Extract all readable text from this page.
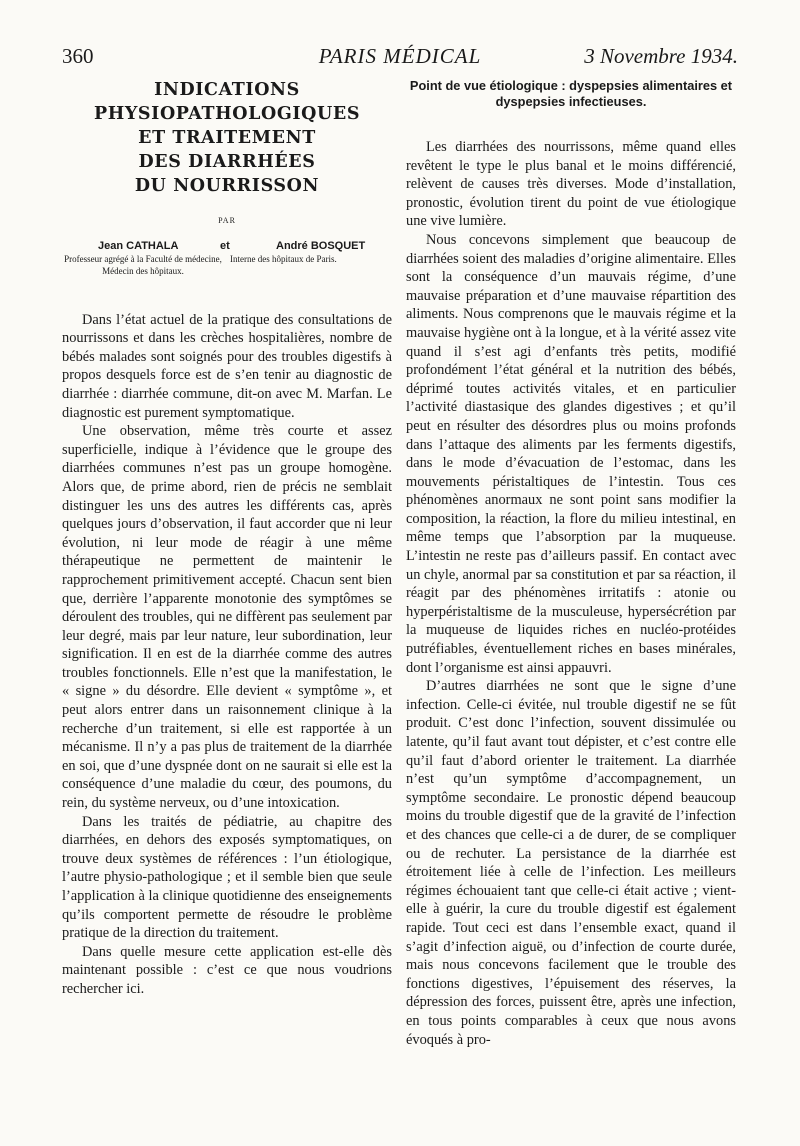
360	PARIS MÉDICAL	3 Novembre 1934.
INDICATIONS
PHYSIOPATHOLOGIQUES
ET TRAITEMENT
DES DIARRHÉES
DU NOURRISSON
PAR
Jean CATHALA	et	André BOSQUET
Professeur agrégé à la Faculté de médecine, Médecin des hôpitaux.
Interne des hôpitaux de Paris.

Dans l’état actuel de la pratique des consultations de nourrissons et dans les crèches hospitalières, nombre de bébés malades sont soignés pour des troubles digestifs à propos desquels force est de s’en tenir au diagnostic de diarrhée : diarrhée commune, dit-on avec M. Marfan. Le diagnostic est purement symptomatique.

Une observation, même très courte et assez superficielle, indique à l’évidence que le groupe des diarrhées communes n’est pas un groupe homogène. Alors que, de prime abord, rien de précis ne semblait distinguer les uns des autres les différents cas, après quelques jours d’observation, il faut accorder que ni leur évolution, ni leur mode de réagir à une même thérapeutique ne permettent de maintenir le rapprochement primitivement accepté. Chacun sent bien que, derrière l’apparente monotonie des symptômes se déroulent des troubles, qui ne diffèrent pas seulement par leur degré, mais par leur nature, leur subordination, leur signification. Il en est de la diarrhée comme des autres troubles fonctionnels. Elle n’est que la manifestation, le « signe » du désordre. Elle devient « symptôme », et peut alors entrer dans un raisonnement clinique à la recherche d’un traitement, si elle est rapportée à un mécanisme. Il n’y a pas plus de traitement de la diarrhée en soi, que d’une dyspnée dont on ne saurait si elle est la conséquence d’une maladie du cœur, des poumons, du rein, du système nerveux, ou d’une intoxication.

Dans les traités de pédiatrie, au chapitre des diarrhées, en dehors des exposés symptomatiques, on trouve deux systèmes de références : l’un étiologique, l’autre physio-pathologique ; et il semble bien que seule l’application à la clinique quotidienne des enseignements qu’ils comportent permette de résoudre le problème pratique de la direction du traitement.

Dans quelle mesure cette application est-elle dès maintenant possible : c’est ce que nous voudrions rechercher ici.

Point de vue étiologique : dyspepsies alimentaires et dyspepsies infectieuses.

Les diarrhées des nourrissons, même quand elles revêtent le type le plus banal et le moins différencié, relèvent de causes très diverses. Mode d’installation, pronostic, évolution tirent du point de vue étiologique une vive lumière.

Nous concevons simplement que beaucoup de diarrhées soient des maladies d’origine alimentaire. Elles sont la conséquence d’un mauvais régime, d’une mauvaise préparation et d’une mauvaise répartition des aliments. Nous comprenons que le mauvais régime et la mauvaise hygiène ont à la longue, et à la vérité assez vite quand il s’est agi d’enfants très petits, modifié profondément l’état général et la nutrition des bébés, déprimé toutes activités vitales, et en particulier l’activité diastasique des glandes digestives ; et qu’il peut en résulter des désordres plus ou moins profonds dans l’attaque des aliments par les ferments digestifs, dans le mode d’évacuation de l’estomac, dans les mouvements péristaltiques de l’intestin. Tous ces phénomènes anormaux ne sont point sans modifier la composition, la réaction, la flore du milieu intestinal, en même temps que l’absorption par la muqueuse. L’intestin ne reste pas d’ailleurs passif. En contact avec un chyle, anormal par sa constitution et par sa réaction, il réagit par des phénomènes irritatifs : atonie ou hyperpéristaltisme de la musculeuse, hypersécrétion par la muqueuse de liquides riches en nucléo-protéides putréfiables, éventuellement riches en bases minérales, dont l’organisme est ainsi appauvri.

D’autres diarrhées ne sont que le signe d’une infection. Celle-ci évitée, nul trouble digestif ne se fût produit. C’est donc l’infection, souvent dissimulée ou latente, qu’il faut avant tout dépister, et c’est contre elle qu’il faut d’abord orienter le traitement. La diarrhée n’est qu’un symptôme d’accompagnement, un symptôme secondaire. Le pronostic dépend beaucoup moins du trouble digestif que de la gravité de l’infection et des chances que celle-ci a de durer, de se compliquer ou de rechuter. La persistance de la diarrhée est étroitement liée à celle de l’infection. Les meilleurs régimes échouaient tant que celle-ci était active ; vient-elle à guérir, la cure du trouble digestif est également rapide. Tout ceci est dans l’ensemble exact, quand il s’agit d’infection aiguë, ou d’infection de courte durée, mais nous concevons facilement que le trouble des fonctions digestives, l’épuisement des réserves, la dépression des forces, puissent être, après une infection, en tous points comparables à ceux que nous avons évoqués à pro-
